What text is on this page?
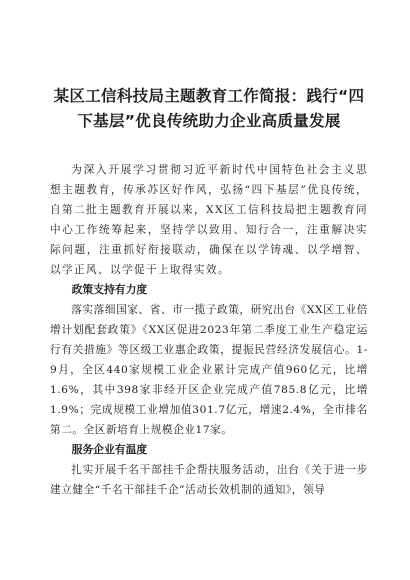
某区工信科技局主题教育工作简报：践行“四下基层”优良传统助力企业高质量发展

为深入开展学习贯彻习近平新时代中国特色社会主义思想主题教育，传承苏区好作风，弘扬“四下基层”优良传统，自第二批主题教育开展以来，XX区工信科技局把主题教育同中心工作统筹起来，坚持学以致用、知行合一，注重解决实际问题，注重抓好衔接联动，确保在以学铸魂、以学增智、以学正风、以学促干上取得实效。

政策支持有力度

落实落细国家、省、市一揽子政策，研究出台《XX区工业倍增计划配套政策》《XX区促进2023年第二季度工业生产稳定运行有关措施》等区级工业惠企政策，提振民营经济发展信心。1-9月，全区440家规模工业企业累计完成产值960亿元，比增1.6%，其中398家非经开区企业完成产值785.8亿元，比增1.9%；完成规模工业增加值301.7亿元，增速2.4%，全市排名第二。全区新培育上规模企业17家。

服务企业有温度

扎实开展千名干部挂千企帮扶服务活动，出台《关于进一步建立健全“千名干部挂千企”活动长效机制的通知》，领导
